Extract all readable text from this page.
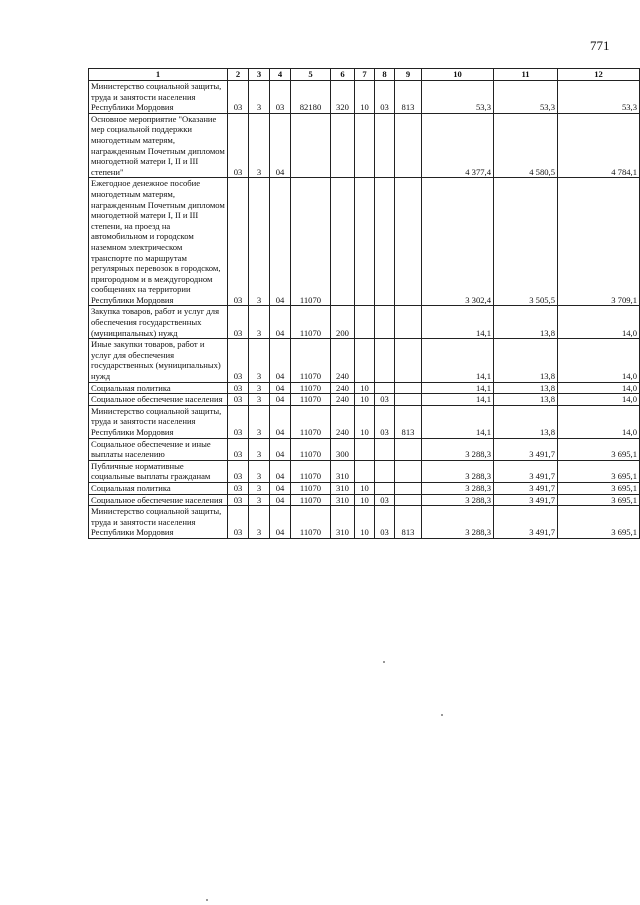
771
1	2	3	4	5	6	7	8	9	10	11	12
Министерство социальной защиты, труда и занятости населения Республики Мордовия	03	3	03	82180	320	10	03	813	53,3	53,3	53,3
Основное мероприятие "Оказание мер социальной поддержки многодетным матерям, награжденным Почетным дипломом многодетной матери I, II и III степени"	03	3	04						4 377,4	4 580,5	4 784,1
Ежегодное денежное пособие многодетным матерям, награжденным Почетным дипломом многодетной матери I, II и III степени, на проезд на автомобильном и городском наземном электрическом транспорте по маршрутам регулярных перевозок в городском, пригородном и в междугородном сообщениях на территории Республики Мордовия	03	3	04	11070					3 302,4	3 505,5	3 709,1
Закупка товаров, работ и услуг для обеспечения государственных (муниципальных) нужд	03	3	04	11070	200				14,1	13,8	14,0
Иные закупки товаров, работ и услуг для обеспечения государственных (муниципальных) нужд	03	3	04	11070	240				14,1	13,8	14,0
Социальная политика	03	3	04	11070	240	10			14,1	13,8	14,0
Социальное обеспечение населения	03	3	04	11070	240	10	03		14,1	13,8	14,0
Министерство социальной защиты, труда и занятости населения Республики Мордовия	03	3	04	11070	240	10	03	813	14,1	13,8	14,0
Социальное обеспечение и иные выплаты населению	03	3	04	11070	300				3 288,3	3 491,7	3 695,1
Публичные нормативные социальные выплаты гражданам	03	3	04	11070	310				3 288,3	3 491,7	3 695,1
Социальная политика	03	3	04	11070	310	10			3 288,3	3 491,7	3 695,1
Социальное обеспечение населения	03	3	04	11070	310	10	03		3 288,3	3 491,7	3 695,1
Министерство социальной защиты, труда и занятости населения Республики Мордовия	03	3	04	11070	310	10	03	813	3 288,3	3 491,7	3 695,1
